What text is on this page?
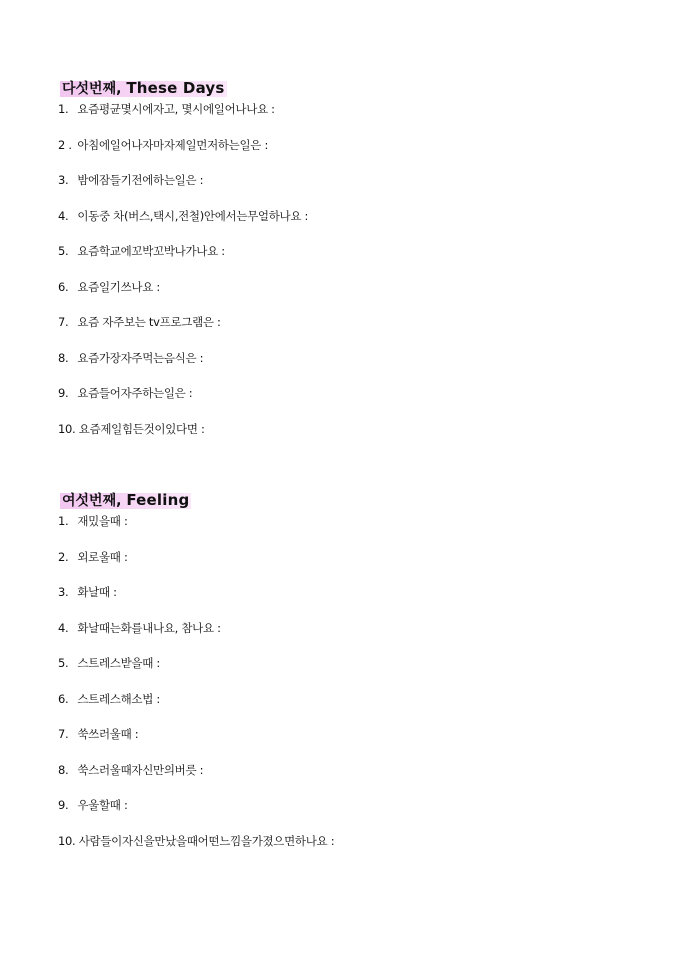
다섯번째, These Days
1. 요즘평균몇시에자고, 몇시에일어나나요 :
2 . 아침에일어나자마자제일먼저하는일은 :
3. 밤에잠들기전에하는일은 :
4. 이동중 차(버스,택시,전철)안에서는무얼하나요 :
5. 요즘학교에꼬박꼬박나가나요 :
6. 요즘일기쓰나요 :
7. 요즘 자주보는 tv프로그램은 :
8. 요즘가장자주먹는음식은 :
9. 요즘들어자주하는일은 :
10. 요즘제일힘든것이있다면 :
여섯번째, Feeling
1. 재밌을때 :
2. 외로울때 :
3. 화날때 :
4. 화날때는화를내나요, 참나요 :
5. 스트레스받을때 :
6. 스트레스해소법 :
7. 쑥쓰러울때 :
8. 쑥스러울때자신만의버릇 :
9. 우울할때 :
10. 사람들이자신을만났을때어떤느낌을가졌으면하나요 :
